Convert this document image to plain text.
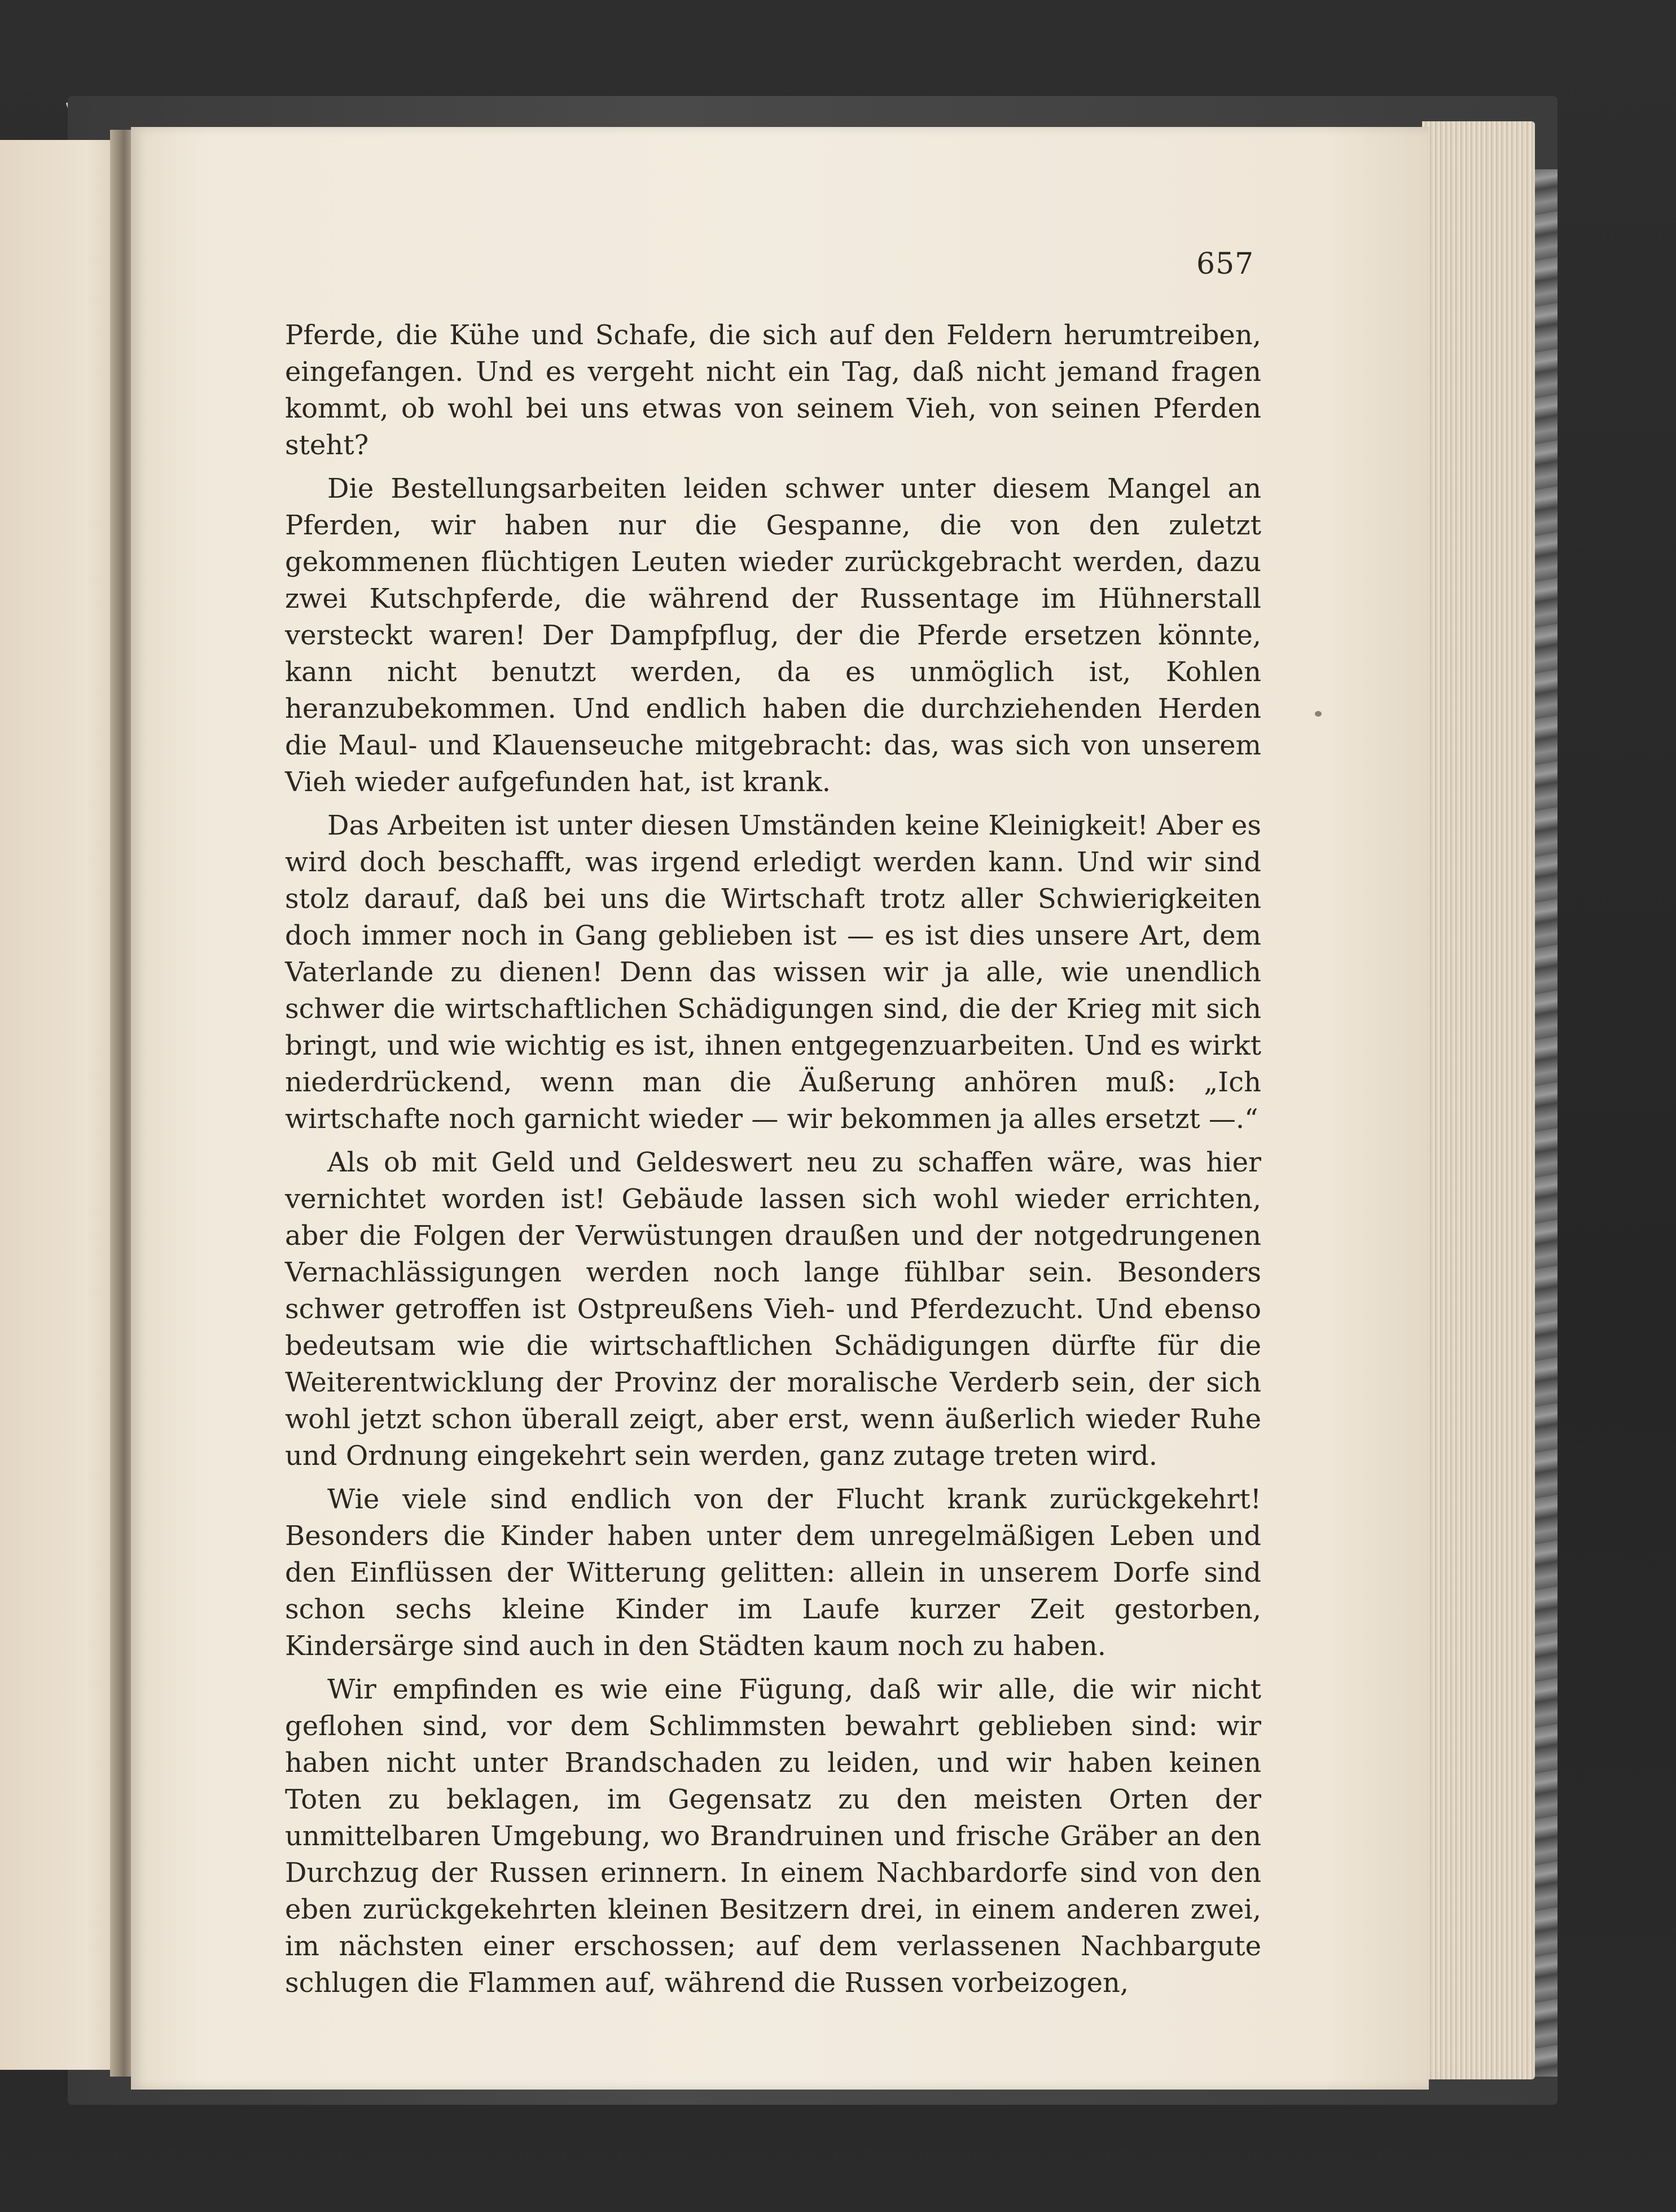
657

Pferde, die Kühe und Schafe, die sich auf den Feldern herumtreiben, eingefangen. Und es vergeht nicht ein Tag, daß nicht jemand fragen kommt, ob wohl bei uns etwas von seinem Vieh, von seinen Pferden steht?

Die Bestellungsarbeiten leiden schwer unter diesem Mangel an Pferden, wir haben nur die Gespanne, die von den zuletzt gekommenen flüchtigen Leuten wieder zurückgebracht werden, dazu zwei Kutschpferde, die während der Russentage im Hühnerstall versteckt waren! Der Dampfpflug, der die Pferde ersetzen könnte, kann nicht benutzt werden, da es unmöglich ist, Kohlen heranzubekommen. Und endlich haben die durchziehenden Herden die Maul- und Klauenseuche mitgebracht: das, was sich von unserem Vieh wieder aufgefunden hat, ist krank.

Das Arbeiten ist unter diesen Umständen keine Kleinigkeit! Aber es wird doch beschafft, was irgend erledigt werden kann. Und wir sind stolz darauf, daß bei uns die Wirtschaft trotz aller Schwierigkeiten doch immer noch in Gang geblieben ist — es ist dies unsere Art, dem Vaterlande zu dienen! Denn das wissen wir ja alle, wie unendlich schwer die wirtschaftlichen Schädigungen sind, die der Krieg mit sich bringt, und wie wichtig es ist, ihnen entgegenzuarbeiten. Und es wirkt niederdrückend, wenn man die Äußerung anhören muß: „Ich wirtschafte noch garnicht wieder — wir bekommen ja alles ersetzt —.“

Als ob mit Geld und Geldeswert neu zu schaffen wäre, was hier vernichtet worden ist! Gebäude lassen sich wohl wieder errichten, aber die Folgen der Verwüstungen draußen und der notgedrungenen Vernachlässigungen werden noch lange fühlbar sein. Besonders schwer getroffen ist Ostpreußens Vieh- und Pferdezucht. Und ebenso bedeutsam wie die wirtschaftlichen Schädigungen dürfte für die Weiterentwicklung der Provinz der moralische Verderb sein, der sich wohl jetzt schon überall zeigt, aber erst, wenn äußerlich wieder Ruhe und Ordnung eingekehrt sein werden, ganz zutage treten wird.

Wie viele sind endlich von der Flucht krank zurückgekehrt! Besonders die Kinder haben unter dem unregelmäßigen Leben und den Einflüssen der Witterung gelitten: allein in unserem Dorfe sind schon sechs kleine Kinder im Laufe kurzer Zeit gestorben, Kindersärge sind auch in den Städten kaum noch zu haben.

Wir empfinden es wie eine Fügung, daß wir alle, die wir nicht geflohen sind, vor dem Schlimmsten bewahrt geblieben sind: wir haben nicht unter Brandschaden zu leiden, und wir haben keinen Toten zu beklagen, im Gegensatz zu den meisten Orten der unmittelbaren Umgebung, wo Brandruinen und frische Gräber an den Durchzug der Russen erinnern. In einem Nachbardorfe sind von den eben zurückgekehrten kleinen Besitzern drei, in einem anderen zwei, im nächsten einer erschossen; auf dem verlassenen Nachbargute schlugen die Flammen auf, während die Russen vorbeizogen,
